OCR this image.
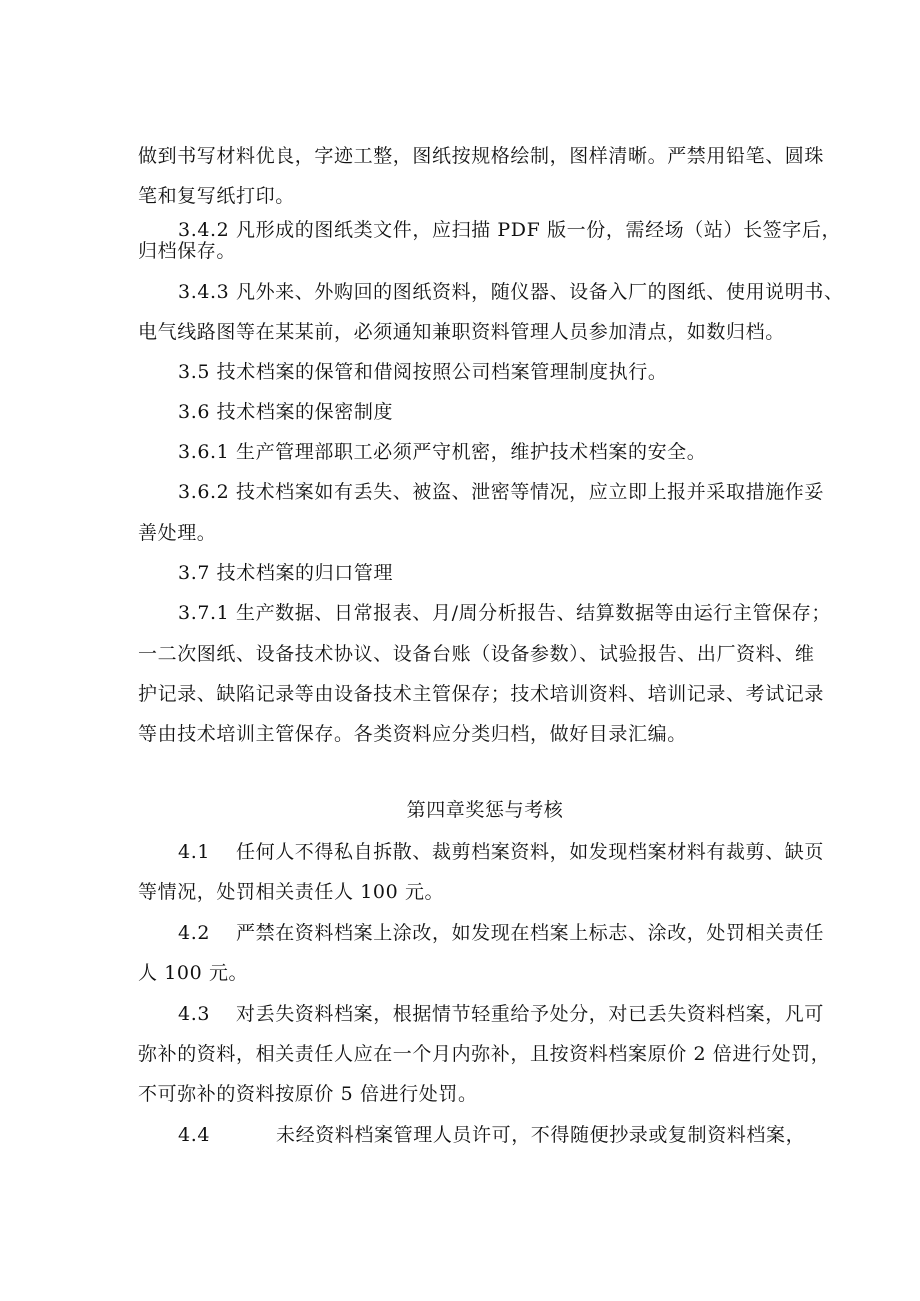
做到书写材料优良，字迹工整，图纸按规格绘制，图样清晰。严禁用铅笔、圆珠
笔和复写纸打印。
3.4.2 凡形成的图纸类文件，应扫描 PDF 版一份，需经场（站）长签字后，
归档保存。
3.4.3 凡外来、外购回的图纸资料，随仪器、设备入厂的图纸、使用说明书、
电气线路图等在某某前，必须通知兼职资料管理人员参加清点，如数归档。
3.5 技术档案的保管和借阅按照公司档案管理制度执行。
3.6 技术档案的保密制度
3.6.1 生产管理部职工必须严守机密，维护技术档案的安全。
3.6.2 技术档案如有丢失、被盗、泄密等情况，应立即上报并采取措施作妥
善处理。
3.7 技术档案的归口管理
3.7.1 生产数据、日常报表、月/周分析报告、结算数据等由运行主管保存；
一二次图纸、设备技术协议、设备台账（设备参数）、试验报告、出厂资料、维
护记录、缺陷记录等由设备技术主管保存；技术培训资料、培训记录、考试记录
等由技术培训主管保存。各类资料应分类归档，做好目录汇编。
第四章奖惩与考核
4.1 任何人不得私自拆散、裁剪档案资料，如发现档案材料有裁剪、缺页
等情况，处罚相关责任人 100 元。
4.2 严禁在资料档案上涂改，如发现在档案上标志、涂改，处罚相关责任
人 100 元。
4.3 对丢失资料档案，根据情节轻重给予处分，对已丢失资料档案，凡可
弥补的资料，相关责任人应在一个月内弥补，且按资料档案原价 2 倍进行处罚，
不可弥补的资料按原价 5 倍进行处罚。
4.4	未经资料档案管理人员许可，不得随便抄录或复制资料档案，
